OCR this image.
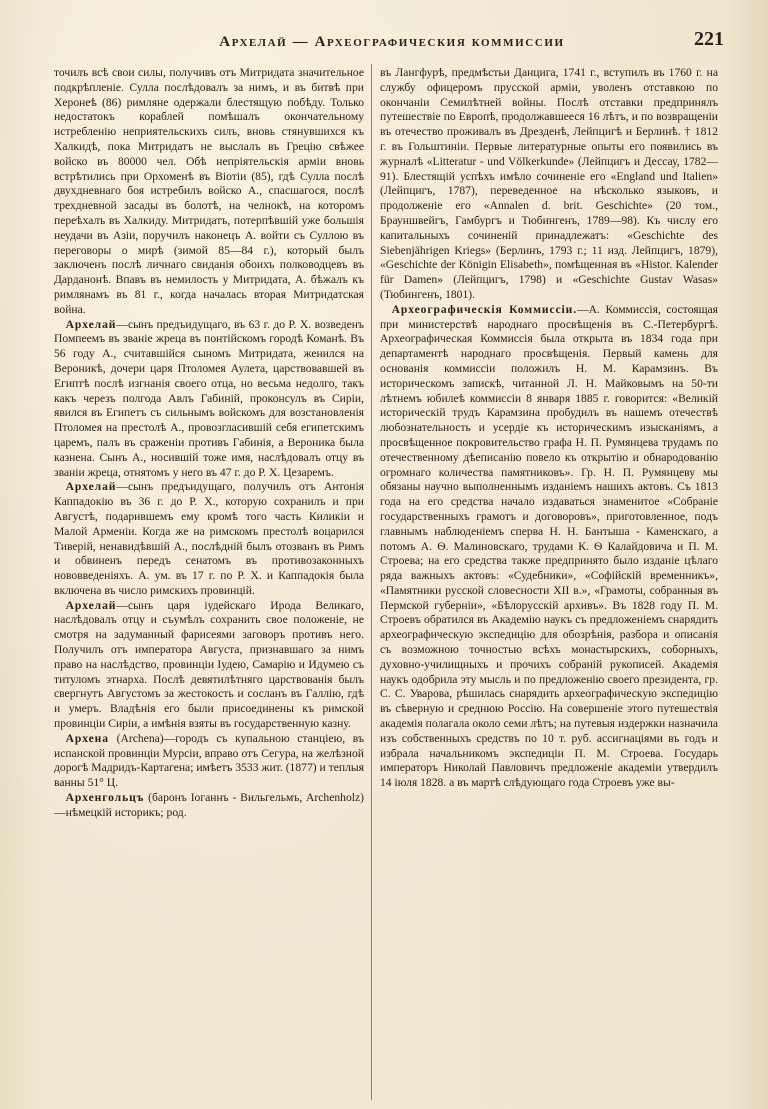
Архелай — Археографическия коммиссии	221

точилъ всѣ свои силы, получивъ отъ Митридата значительное подкрѣпленіе. Сулла послѣдовалъ за нимъ, и въ битвѣ при Херонеѣ (86) римляне одержали блестящую побѣду. Только недостатокъ кораблей помѣшалъ окончательному истребленію неприятельскихъ силъ, вновь стянувшихся къ Халкидѣ, пока Митридатъ не выслалъ въ Грецію свѣжее войско въ 80000 чел. Обѣ непріятельскія арміи вновь встрѣтились при Орхоменѣ въ Віотіи (85), гдѣ Сулла послѣ двухдневнаго боя истребилъ войско А., спасшагося, послѣ трехдневной засады въ болотѣ, на челнокѣ, на которомъ переѣхалъ въ Халкиду. Митридатъ, потерпѣвшій уже большія неудачи въ Азіи, поручилъ наконецъ А. войти съ Суллою въ переговоры о мирѣ (зимой 85—84 г.), который былъ заключенъ послѣ личнаго свиданія обоихъ полководцевъ въ Дарданонѣ. Впавъ въ немилость у Митридата, А. бѣжалъ къ римлянамъ въ 81 г., когда началась вторая Митридатская война.
 Архелай—сынъ предъидущаго, въ 63 г. до Р. Х. возведенъ Помпеемъ въ званіе жреца въ понтійскомъ городѣ Команѣ. Въ 56 году А., считавшійся сыномъ Митридата, женился на Вероникѣ, дочери царя Птоломея Аулета, царствовавшей въ Египтѣ послѣ изгнанія своего отца, но весьма недолго, такъ какъ черезъ полгода Авлъ Габиній, проконсулъ въ Сиріи, явился въ Египетъ съ сильнымъ войскомъ для возстановленія Птоломея на престолѣ А., провозгласившій себя египетскимъ царемъ, палъ въ сраженіи противъ Габинія, а Вероника была казнена. Сынъ А., носившій тоже имя, наслѣдовалъ отцу въ званіи жреца, отнятомъ у него въ 47 г. до Р. Х. Цезаремъ.
 Архелай—сынъ предъидущаго, получилъ отъ Антонія Каппадокію въ 36 г. до Р. Х., которую сохранилъ и при Августѣ, подарившемъ ему кромѣ того часть Киликіи и Малой Арменіи. Когда же на римскомъ престолѣ воцарился Тиверій, ненавидѣвшій А., послѣдній былъ отозванъ въ Римъ и обвиненъ передъ сенатомъ въ противозаконныхъ нововведеніяхъ. А. ум. въ 17 г. по Р. Х. и Каппадокія была включена въ число римскихъ провинцій.
 Архелай—сынъ царя іудейскаго Ирода Великаго, наслѣдовалъ отцу и съумѣлъ сохранить свое положеніе, не смотря на задуманный фарисеями заговоръ противъ него. Получилъ отъ императора Августа, признавшаго за нимъ право на наслѣдство, провинціи Іудею, Самарію и Идумею съ титуломъ этнарха. Послѣ девятилѣтняго царствованія былъ свергнутъ Августомъ за жестокость и сосланъ въ Галлію, гдѣ и умеръ. Владѣнія его были присоединены къ римской провинціи Сиріи, а имѣнія взяты въ государственную казну.
 Архена (Archena)—городъ съ купальною станціею, въ испанской провинціи Мурсіи, вправо отъ Сегура, на желѣзной дорогѣ Мадридъ-Картагена; имѣетъ 3533 жит. (1877) и теплыя ванны 51° Ц.
 Архенгольцъ (баронъ Іоганнъ - Вильгельмъ, Archenholz)—нѣмецкій историкъ; род.

въ Лангфурѣ, предмѣстьи Данцига, 1741 г., вступилъ въ 1760 г. на службу офицеромъ прусской арміи, уволенъ отставкою по окончаніи Семилѣтней войны. Послѣ отставки предпринялъ путешествіе по Европѣ, продолжавшееся 16 лѣтъ, и по возвращеніи въ отечество проживалъ въ Дрезденѣ, Лейпцигѣ и Берлинѣ. † 1812 г. въ Гольштиніи. Первые литературные опыты его появились въ журналѣ «Litteratur - und Völkerkunde» (Лейпцигъ и Дессау, 1782—91). Блестящій успѣхъ имѣло сочиненіе его «England und Italien» (Лейпцигъ, 1787), переведенное на нѣсколько языковъ, и продолженіе его «Annalen d. brit. Geschichte» (20 том., Брауншвейгъ, Гамбургъ и Тюбингенъ, 1789—98). Къ числу его капитальныхъ сочиненій принадлежатъ: «Geschichte des Siebenjährigen Kriegs» (Берлинъ, 1793 г.; 11 изд. Лейпцигъ, 1879), «Geschichte der Königin Elisabeth», помѣщенная въ «Histor. Kalender für Damen» (Лейпцигъ, 1798) и «Geschichte Gustav Wasas» (Тюбингенъ, 1801).
 Археографическія Коммиссіи.—А. Коммиссія, состоящая при министерствѣ народнаго просвѣщенія въ С.-Петербургѣ. Археографическая Коммиссія была открыта въ 1834 года при департаментѣ народнаго просвѣщенія. Первый камень для основанія коммиссіи положилъ Н. М. Карамзинъ. Въ историческомъ запискѣ, читанной Л. Н. Майковымъ на 50-ти лѣтнемъ юбилеѣ коммиссіи 8 января 1885 г. говорится: «Великій историческій трудъ Карамзина пробудилъ въ нашемъ отечествѣ любознательность и усердіе къ историческимъ изысканіямъ, а просвѣщенное покровительство графа Н. П. Румянцева трудамъ по отечественному дѣеписанію повело къ открытію и обнародованію огромнаго количества памятниковъ». Гр. Н. П. Румянцеву мы обязаны научно выполненнымъ изданіемъ нашихъ актовъ. Съ 1813 года на его средства начало издаваться знаменитое «Собраніе государственныхъ грамотъ и договоровъ», приготовленное, подъ главнымъ наблюденіемъ сперва Н. Н. Бантыша - Каменскаго, а потомъ А. Ѳ. Малиновскаго, трудами К. Ѳ Калайдовича и П. М. Строева; на его средства также предпринято было изданіе цѣлаго ряда важныхъ актовъ: «Судебники», «Софійскій временникъ», «Памятники русской словесности XII в.», «Грамоты, собранныя въ Пермской губерніи», «Бѣлорусскій архивъ». Въ 1828 году П. М. Строевъ обратился въ Академію наукъ съ предложеніемъ снарядить археографическую экспедицію для обозрѣнія, разбора и описанія съ возможною точностью всѣхъ монастырскихъ, соборныхъ, духовно-училищныхъ и прочихъ собраній рукописей. Академія наукъ одобрила эту мысль и по предложенію своего президента, гр. С. С. Уварова, рѣшилась снарядить археографическую экспедицію въ сѣверную и среднюю Россію. На совершеніе этого путешествія академія полагала около семи лѣтъ; на путевыя издержки назначила изъ собственныхъ средствъ по 10 т. руб. ассигнаціями въ годъ и избрала начальникомъ экспедиціи П. М. Строева. Государь императоръ Николай Павловичъ предложеніе академіи утвердилъ 14 іюля 1828. а въ мартѣ слѣдующаго года Строевъ уже вы-
